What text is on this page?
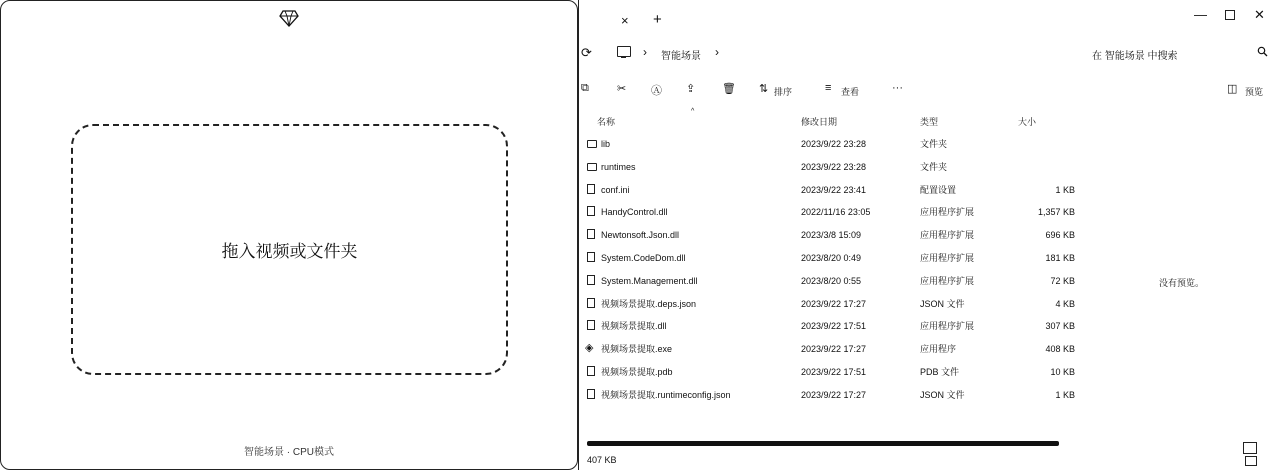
拖入视频或文件夹
智能场景 · CPU模式
× +	—	✕
⟳	› 智能场景 ›	在 智能场景 中搜索
⧉	✂ Ⓐ ⇪ 🗑 ⇅ 排序	≡ 查看	···	◫ 预览
^
名称	修改日期	类型	大小
lib	2023/9/22 23:28	文件夹
runtimes	2023/9/22 23:28	文件夹
conf.ini	2023/9/22 23:41	配置设置	1 KB
HandyControl.dll	2022/11/16 23:05	应用程序扩展	1,357 KB
Newtonsoft.Json.dll	2023/3/8 15:09	应用程序扩展	696 KB
System.CodeDom.dll	2023/8/20 0:49	应用程序扩展	181 KB
System.Management.dll	2023/8/20 0:55	应用程序扩展	72 KB
视频场景提取.deps.json	2023/9/22 17:27	JSON 文件	4 KB
视频场景提取.dll	2023/9/22 17:51	应用程序扩展	307 KB
◈ 视频场景提取.exe	2023/9/22 17:27	应用程序	408 KB
视频场景提取.pdb	2023/9/22 17:51	PDB 文件	10 KB
视频场景提取.runtimeconfig.json	2023/9/22 17:27	JSON 文件	1 KB
没有预览。
407 KB
